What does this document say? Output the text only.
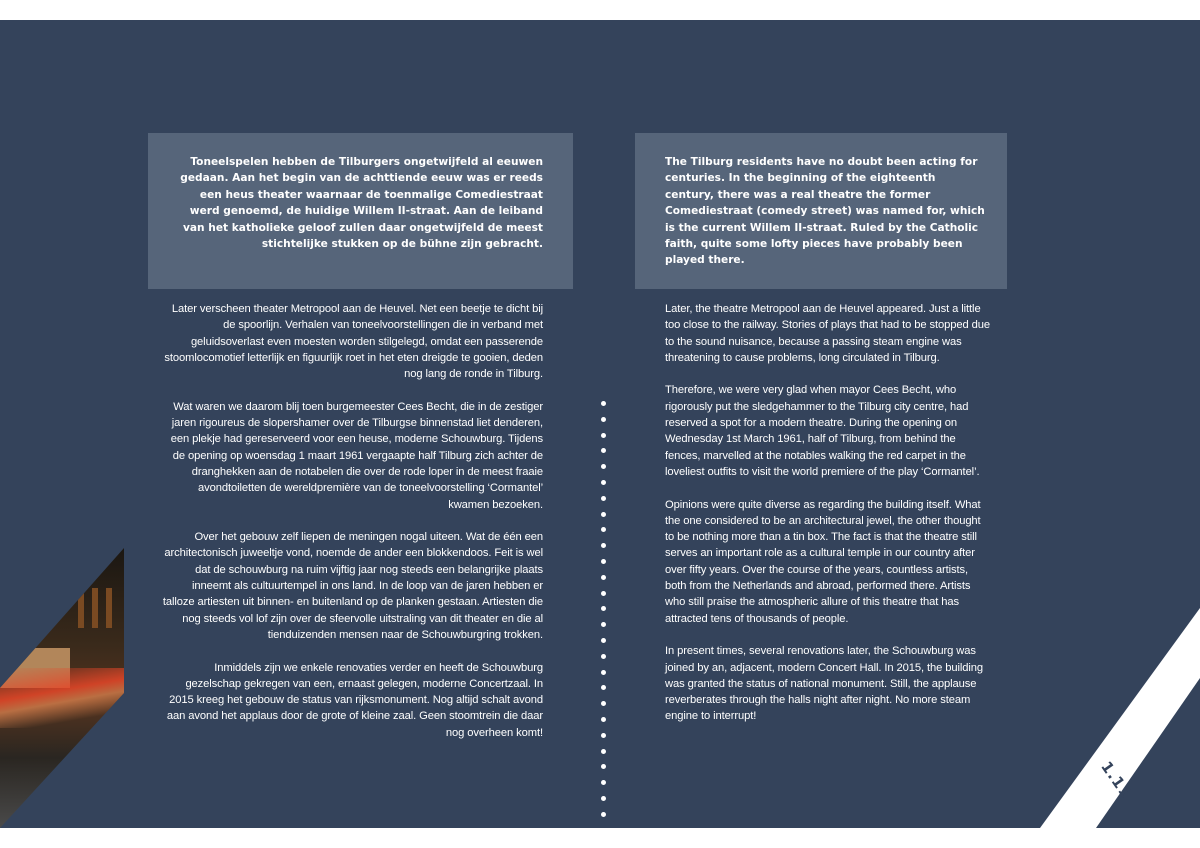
Toneelspelen hebben de Tilburgers ongetwijfeld al eeuwen gedaan. Aan het begin van de achttiende eeuw was er reeds een heus theater waarnaar de toenmalige Comediestraat werd genoemd, de huidige Willem II-straat. Aan de leiband van het katholieke geloof zullen daar ongetwijfeld de meest stichtelijke stukken op de bühne zijn gebracht.
The Tilburg residents have no doubt been acting for centuries. In the beginning of the eighteenth century, there was a real theatre the former Comediestraat (comedy street) was named for, which is the current Willem II-straat. Ruled by the Catholic faith, quite some lofty pieces have probably been played there.

Later verscheen theater Metropool aan de Heuvel. Net een beetje te dicht bij de spoorlijn. Verhalen van toneelvoorstellingen die in verband met geluidsoverlast even moesten worden stilgelegd, omdat een passerende stoomlocomotief letterlijk en figuurlijk roet in het eten dreigde te gooien, deden nog lang de ronde in Tilburg.

Wat waren we daarom blij toen burgemeester Cees Becht, die in de zestiger jaren rigoureus de slopershamer over de Tilburgse binnenstad liet denderen, een plekje had gereserveerd voor een heuse, moderne Schouwburg. Tijdens de opening op woensdag 1 maart 1961 vergaapte half Tilburg zich achter de dranghekken aan de notabelen die over de rode loper in de meest fraaie avondtoiletten de wereldpremière van de toneelvoorstelling ‘Cormantel’ kwamen bezoeken.

Over het gebouw zelf liepen de meningen nogal uiteen. Wat de één een architectonisch juweeltje vond, noemde de ander een blokkendoos. Feit is wel dat de schouwburg na ruim vijftig jaar nog steeds een belangrijke plaats inneemt als cultuurtempel in ons land. In de loop van de jaren hebben er talloze artiesten uit binnen- en buitenland op de planken gestaan. Artiesten die nog steeds vol lof zijn over de sfeervolle uitstraling van dit theater en die al tienduizenden mensen naar de Schouwburgring trokken.

Inmiddels zijn we enkele renovaties verder en heeft de Schouwburg gezelschap gekregen van een, ernaast gelegen, moderne Concertzaal. In 2015 kreeg het gebouw de status van rijksmonument. Nog altijd schalt avond aan avond het applaus door de grote of kleine zaal. Geen stoomtrein die daar nog overheen komt!

Later, the theatre Metropool aan de Heuvel appeared. Just a little too close to the railway. Stories of plays that had to be stopped due to the sound nuisance, because a passing steam engine was threatening to cause problems, long circulated in Tilburg.

Therefore, we were very glad when mayor Cees Becht, who rigorously put the sledgehammer to the Tilburg city centre, had reserved a spot for a modern theatre. During the opening on Wednesday 1st March 1961, half of Tilburg, from behind the fences, marvelled at the notables walking the red carpet in the loveliest outfits to visit the world premiere of the play ‘Cormantel’.

Opinions were quite diverse as regarding the building itself. What the one considered to be an architectural jewel, the other thought to be nothing more than a tin box. The fact is that the theatre still serves an important role as a cultural temple in our country after over fifty years. Over the course of the years, countless artists, both from the Netherlands and abroad, performed there. Artists who still praise the atmospheric allure of this theatre that has attracted tens of thousands of people.

In present times, several renovations later, the Schouwburg was joined by an, adjacent, modern Concert Hall. In 2015, the building was granted the status of national monument. Still, the applause reverberates through the halls night after night. No more steam engine to interrupt!

1.11
